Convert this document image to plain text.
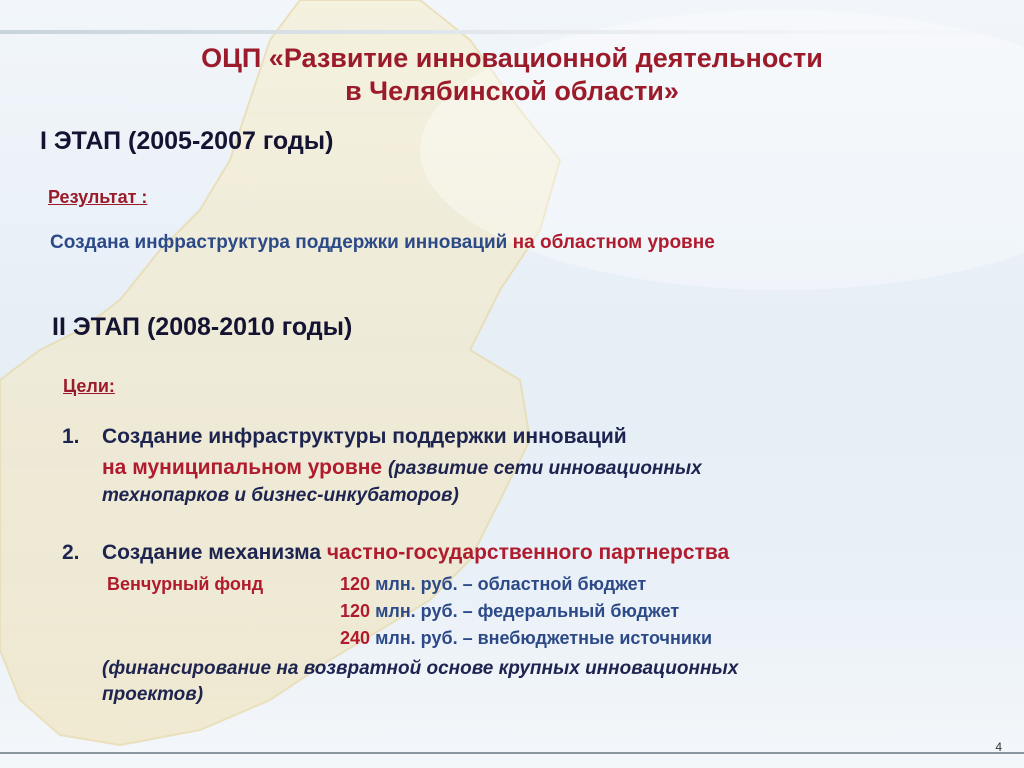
ОЦП «Развитие инновационной деятельности
в Челябинской области»
I ЭТАП (2005-2007 годы)
Результат :
Создана инфраструктура поддержки инноваций на областном уровне
II ЭТАП (2008-2010 годы)
Цели:
1. Создание инфраструктуры поддержки инноваций
на муниципальном уровне (развитие сети инновационных
технопарков и бизнес-инкубаторов)
2. Создание механизма частно-государственного партнерства
Венчурный фонд	120 млн. руб. – областной бюджет
120 млн. руб. – федеральный бюджет
240 млн. руб. – внебюджетные источники
(финансирование на возвратной основе крупных инновационных
проектов)
4
